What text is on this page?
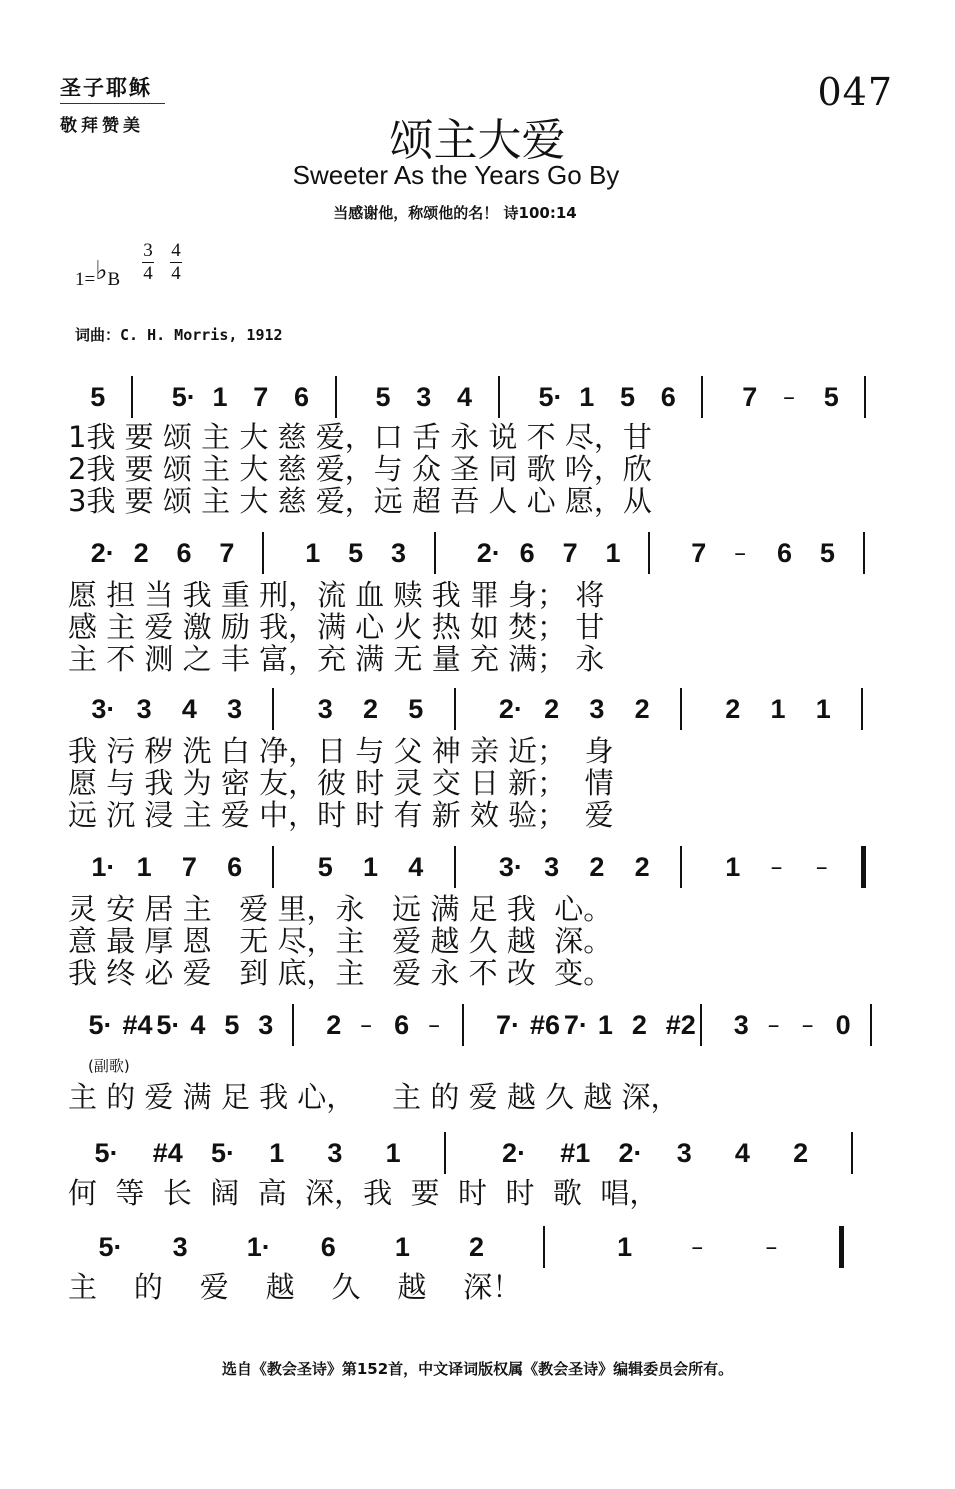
圣子耶稣
敬拜赞美
047
颂主大爱
Sweeter As the Years Go By
当感谢他，称颂他的名！ 诗100:14
1=♭B
3
4
4
4
词曲：C. H. Morris, 1912
5 5· 1 7 6 5 3 4 5· 1 5 6 7 – 5
1我 要 颂 主 大 慈 爱，口 舌 永 说 不 尽，甘
2我 要 颂 主 大 慈 爱，与 众 圣 同 歌 吟，欣
3我 要 颂 主 大 慈 爱，远 超 吾 人 心 愿，从
2· 2 6 7	1 5 3	2· 6 7 1	7 – 6 5
愿 担 当 我 重 刑，流 血 赎 我 罪 身； 将
感 主 爱 激 励 我，满 心 火 热 如 焚； 甘
主 不 测 之 丰 富，充 满 无 量 充 满； 永
3· 3 4 3	3 2 5	2· 2 3 2	2 1 1
我 污 秽 洗 白 净，日 与 父 神 亲 近；  身
愿 与 我 为 密 友，彼 时 灵 交 日 新；  情
远 沉 浸 主 爱 中，时 时 有 新 效 验；  爱
1· 1 7 6	5 1 4	3· 3 2 2	1 – –
灵 安 居 主   爱 里，永   远 满 足 我  心。
意 最 厚 恩   无 尽，主   爱 越 久 越  深。
我 终 必 爱   到 底，主   爱 永 不 改  变。
5· #4 5· 4 5 3 2 – 6 – 7· #6 7· 1 2 #2 3 – – 0
主 的 爱 满 足 我 心，    主 的 爱 越 久 越 深，
(副歌)
5· #4 5· 1 3 1	2· #1 2· 3 4 2
何  等  长  阔  高  深，我  要  时  时  歌  唱，
5· 3 1· 6 1 2	1 –	–
主    的    爱    越    久    越    深！
选自《教会圣诗》第152首，中文译词版权属《教会圣诗》编辑委员会所有。
